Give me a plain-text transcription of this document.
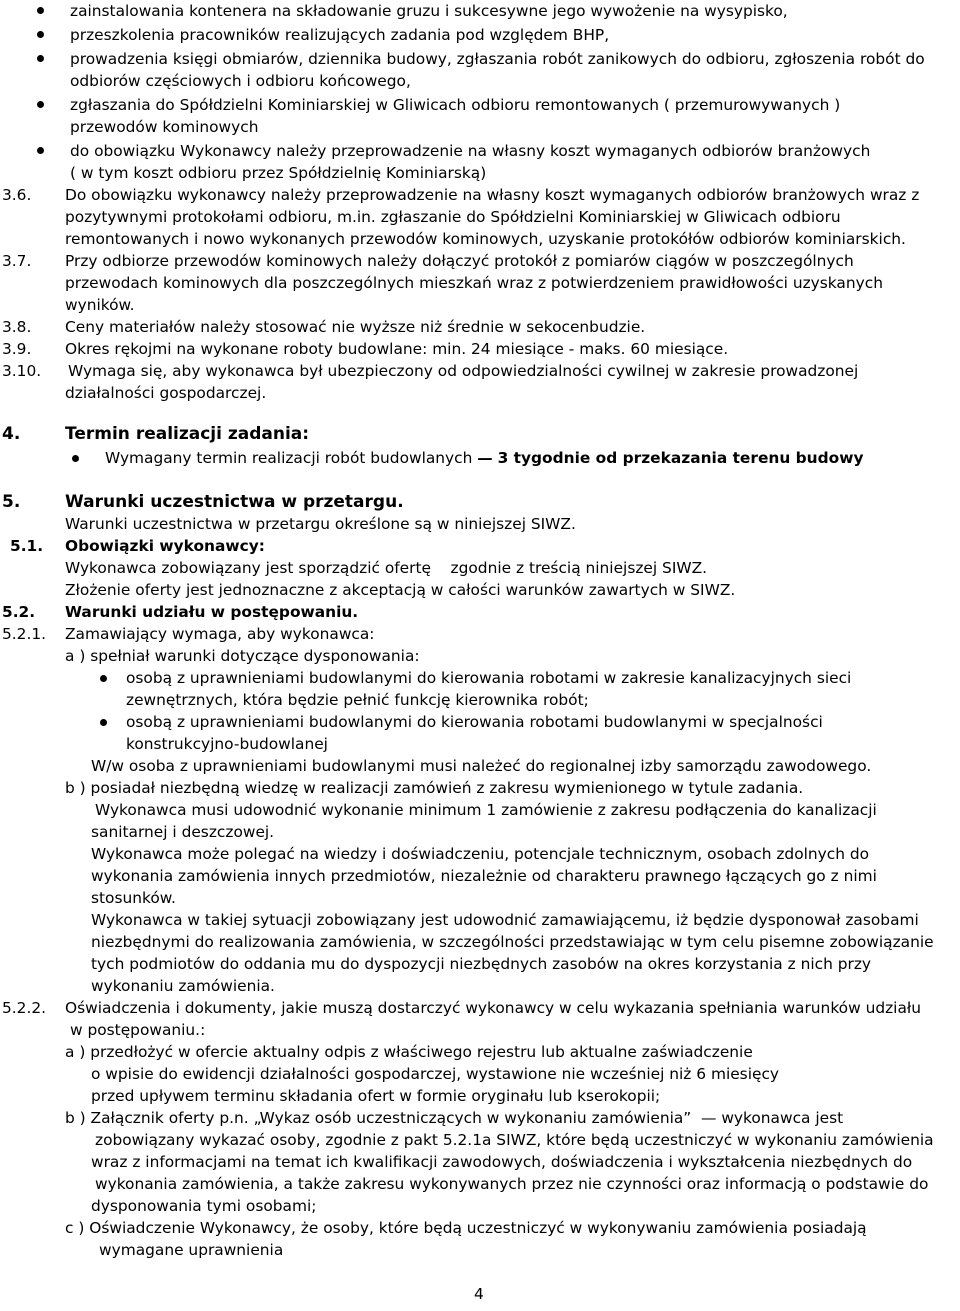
zainstalowania kontenera na składowanie gruzu i sukcesywne jego wywożenie na wysypisko,
przeszkolenia pracowników realizujących zadania pod względem BHP,
prowadzenia księgi obmiarów, dziennika budowy, zgłaszania robót zanikowych do odbioru, zgłoszenia robót do
odbiorów częściowych i odbioru końcowego,
zgłaszania do Spółdzielni Kominiarskiej w Gliwicach odbioru remontowanych ( przemurowywanych )
przewodów kominowych
do obowiązku Wykonawcy należy przeprowadzenie na własny koszt wymaganych odbiorów branżowych
( w tym koszt odbioru przez Spółdzielnię Kominiarską)
3.6. Do obowiązku wykonawcy należy przeprowadzenie na własny koszt wymaganych odbiorów branżowych wraz z
pozytywnymi protokołami odbioru, m.in. zgłaszanie do Spółdzielni Kominiarskiej w Gliwicach odbioru
remontowanych i nowo wykonanych przewodów kominowych, uzyskanie protokółów odbiorów kominiarskich.
3.7. Przy odbiorze przewodów kominowych należy dołączyć protokół z pomiarów ciągów w poszczególnych
przewodach kominowych dla poszczególnych mieszkań wraz z potwierdzeniem prawidłowości uzyskanych
wyników.
3.8. Ceny materiałów należy stosować nie wyższe niż średnie w sekocenbudzie.
3.9. Okres rękojmi na wykonane roboty budowlane: min. 24 miesiące - maks. 60 miesiące.
3.10. Wymaga się, aby wykonawca był ubezpieczony od odpowiedzialności cywilnej w zakresie prowadzonej
działalności gospodarczej.
4.	Termin realizacji zadania:
Wymagany termin realizacji robót budowlanych — 3 tygodnie od przekazania terenu budowy
5.	Warunki uczestnictwa w przetargu.
Warunki uczestnictwa w przetargu określone są w niniejszej SIWZ.
5.1. Obowiązki wykonawcy:
Wykonawca zobowiązany jest sporządzić ofertę    zgodnie z treścią niniejszej SIWZ.
Złożenie oferty jest jednoznaczne z akceptacją w całości warunków zawartych w SIWZ.
5.2. Warunki udziału w postępowaniu.
5.2.1. Zamawiający wymaga, aby wykonawca:
a ) spełniał warunki dotyczące dysponowania:
osobą z uprawnieniami budowlanymi do kierowania robotami w zakresie kanalizacyjnych sieci
zewnętrznych, która będzie pełnić funkcję kierownika robót;
osobą z uprawnieniami budowlanymi do kierowania robotami budowlanymi w specjalności
konstrukcyjno-budowlanej
W/w osoba z uprawnieniami budowlanymi musi należeć do regionalnej izby samorządu zawodowego.
b ) posiadał niezbędną wiedzę w realizacji zamówień z zakresu wymienionego w tytule zadania.
Wykonawca musi udowodnić wykonanie minimum 1 zamówienie z zakresu podłączenia do kanalizacji
sanitarnej i deszczowej.
Wykonawca może polegać na wiedzy i doświadczeniu, potencjale technicznym, osobach zdolnych do
wykonania zamówienia innych przedmiotów, niezależnie od charakteru prawnego łączących go z nimi
stosunków.
Wykonawca w takiej sytuacji zobowiązany jest udowodnić zamawiającemu, iż będzie dysponował zasobami
niezbędnymi do realizowania zamówienia, w szczególności przedstawiając w tym celu pisemne zobowiązanie
tych podmiotów do oddania mu do dyspozycji niezbędnych zasobów na okres korzystania z nich przy
wykonaniu zamówienia.
5.2.2. Oświadczenia i dokumenty, jakie muszą dostarczyć wykonawcy w celu wykazania spełniania warunków udziału
w postępowaniu.:
a ) przedłożyć w ofercie aktualny odpis z właściwego rejestru lub aktualne zaświadczenie
o wpisie do ewidencji działalności gospodarczej, wystawione nie wcześniej niż 6 miesięcy
przed upływem terminu składania ofert w formie oryginału lub kserokopii;
b ) Załącznik oferty p.n. „Wykaz osób uczestniczących w wykonaniu zamówienia”  — wykonawca jest
zobowiązany wykazać osoby, zgodnie z pakt 5.2.1a SIWZ, które będą uczestniczyć w wykonaniu zamówienia
wraz z informacjami na temat ich kwalifikacji zawodowych, doświadczenia i wykształcenia niezbędnych do
wykonania zamówienia, a także zakresu wykonywanych przez nie czynności oraz informacją o podstawie do
dysponowania tymi osobami;
c ) Oświadczenie Wykonawcy, że osoby, które będą uczestniczyć w wykonywaniu zamówienia posiadają
wymagane uprawnienia
4
